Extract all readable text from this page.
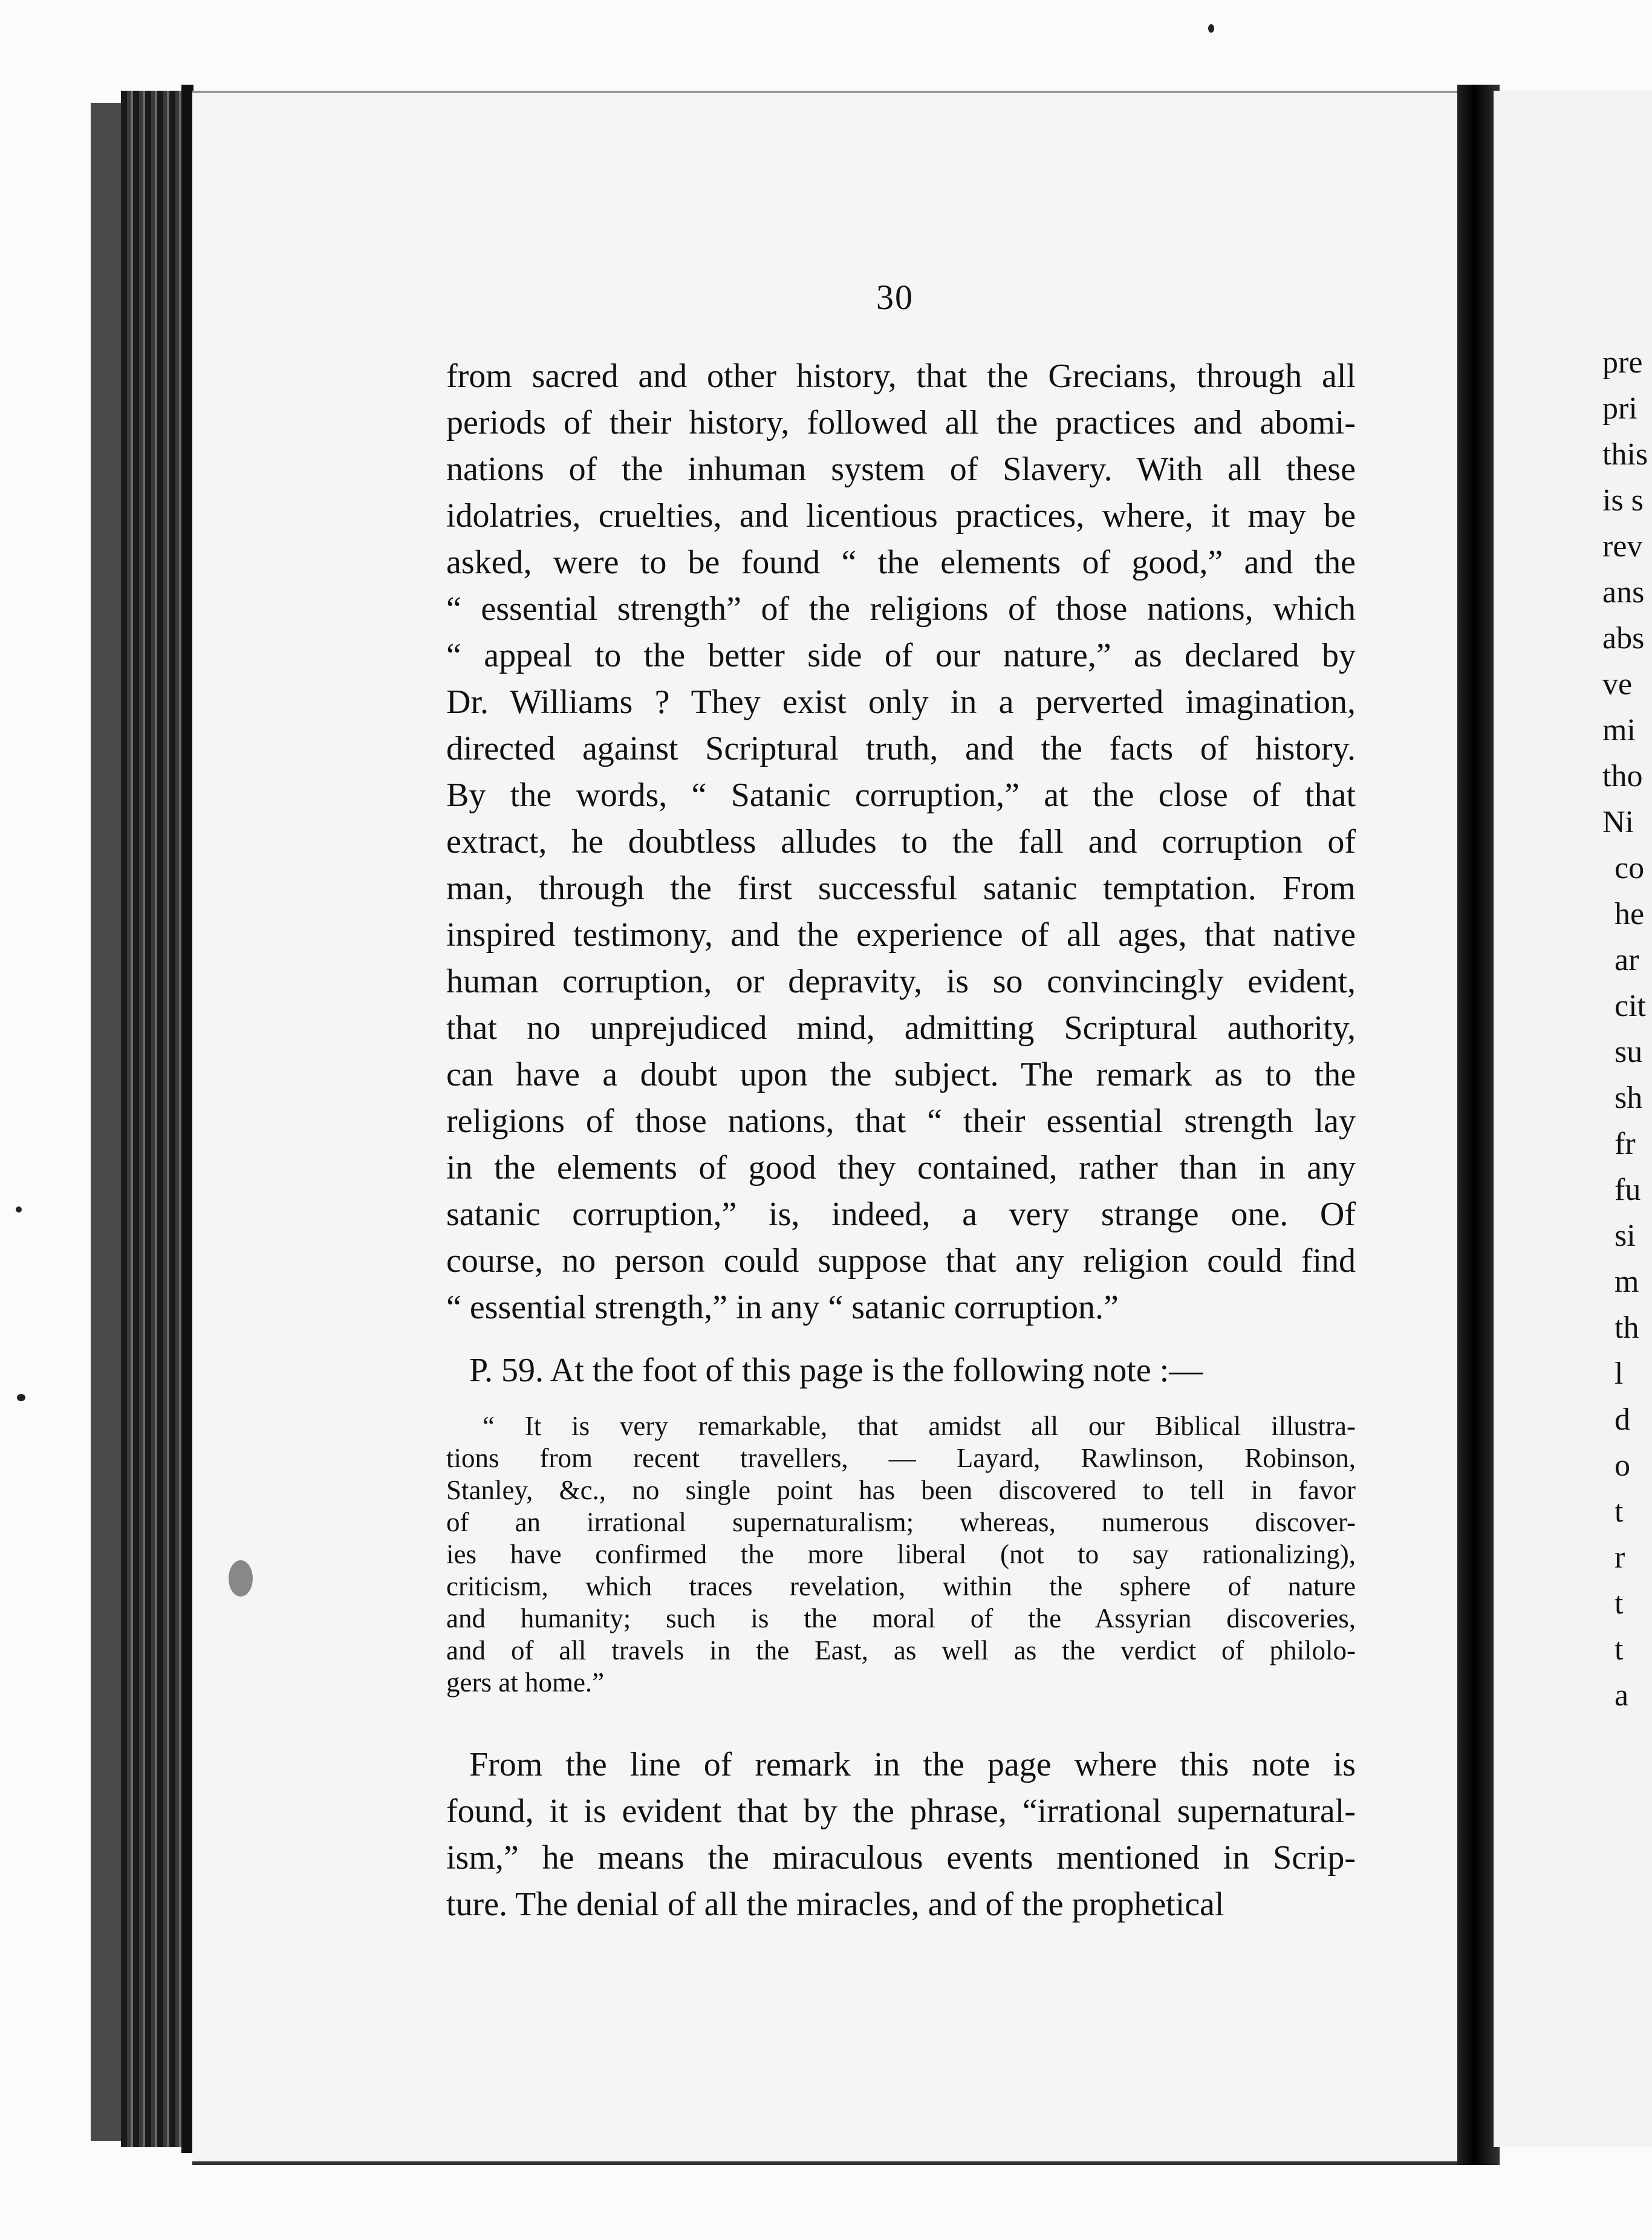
pre
pri
this
is s
rev
ans
abs
ve
mi
tho
Ni
co
he
ar
cit
su
sh
fr
fu
si
m
th
l
d
o
t
r
t
t
a
30
from sacred and other history, that the Grecians, through all
periods of their history, followed all the practices and abomi-
nations of the inhuman system of Slavery. With all these
idolatries, cruelties, and licentious practices, where, it may be
asked, were to be found “ the elements of good,” and the
“ essential strength” of the religions of those nations, which
“ appeal to the better side of our nature,” as declared by
Dr. Williams ? They exist only in a perverted imagination,
directed against Scriptural truth, and the facts of history.
By the words, “ Satanic corruption,” at the close of that
extract, he doubtless alludes to the fall and corruption of
man, through the first successful satanic temptation. From
inspired testimony, and the experience of all ages, that native
human corruption, or depravity, is so convincingly evident,
that no unprejudiced mind, admitting Scriptural authority,
can have a doubt upon the subject. The remark as to the
religions of those nations, that “ their essential strength lay
in the elements of good they contained, rather than in any
satanic corruption,” is, indeed, a very strange one. Of
course, no person could suppose that any religion could find
“ essential strength,” in any “ satanic corruption.”
P. 59. At the foot of this page is the following note :—
“ It is very remarkable, that amidst all our Biblical illustra-
tions from recent travellers, — Layard, Rawlinson, Robinson,
Stanley, &c., no single point has been discovered to tell in favor
of an irrational supernaturalism; whereas, numerous discover-
ies have confirmed the more liberal (not to say rationalizing),
criticism, which traces revelation, within the sphere of nature
and humanity; such is the moral of the Assyrian discoveries,
and of all travels in the East, as well as the verdict of philolo-
gers at home.”
From the line of remark in the page where this note is
found, it is evident that by the phrase, “irrational supernatural-
ism,” he means the miraculous events mentioned in Scrip-
ture. The denial of all the miracles, and of the prophetical
